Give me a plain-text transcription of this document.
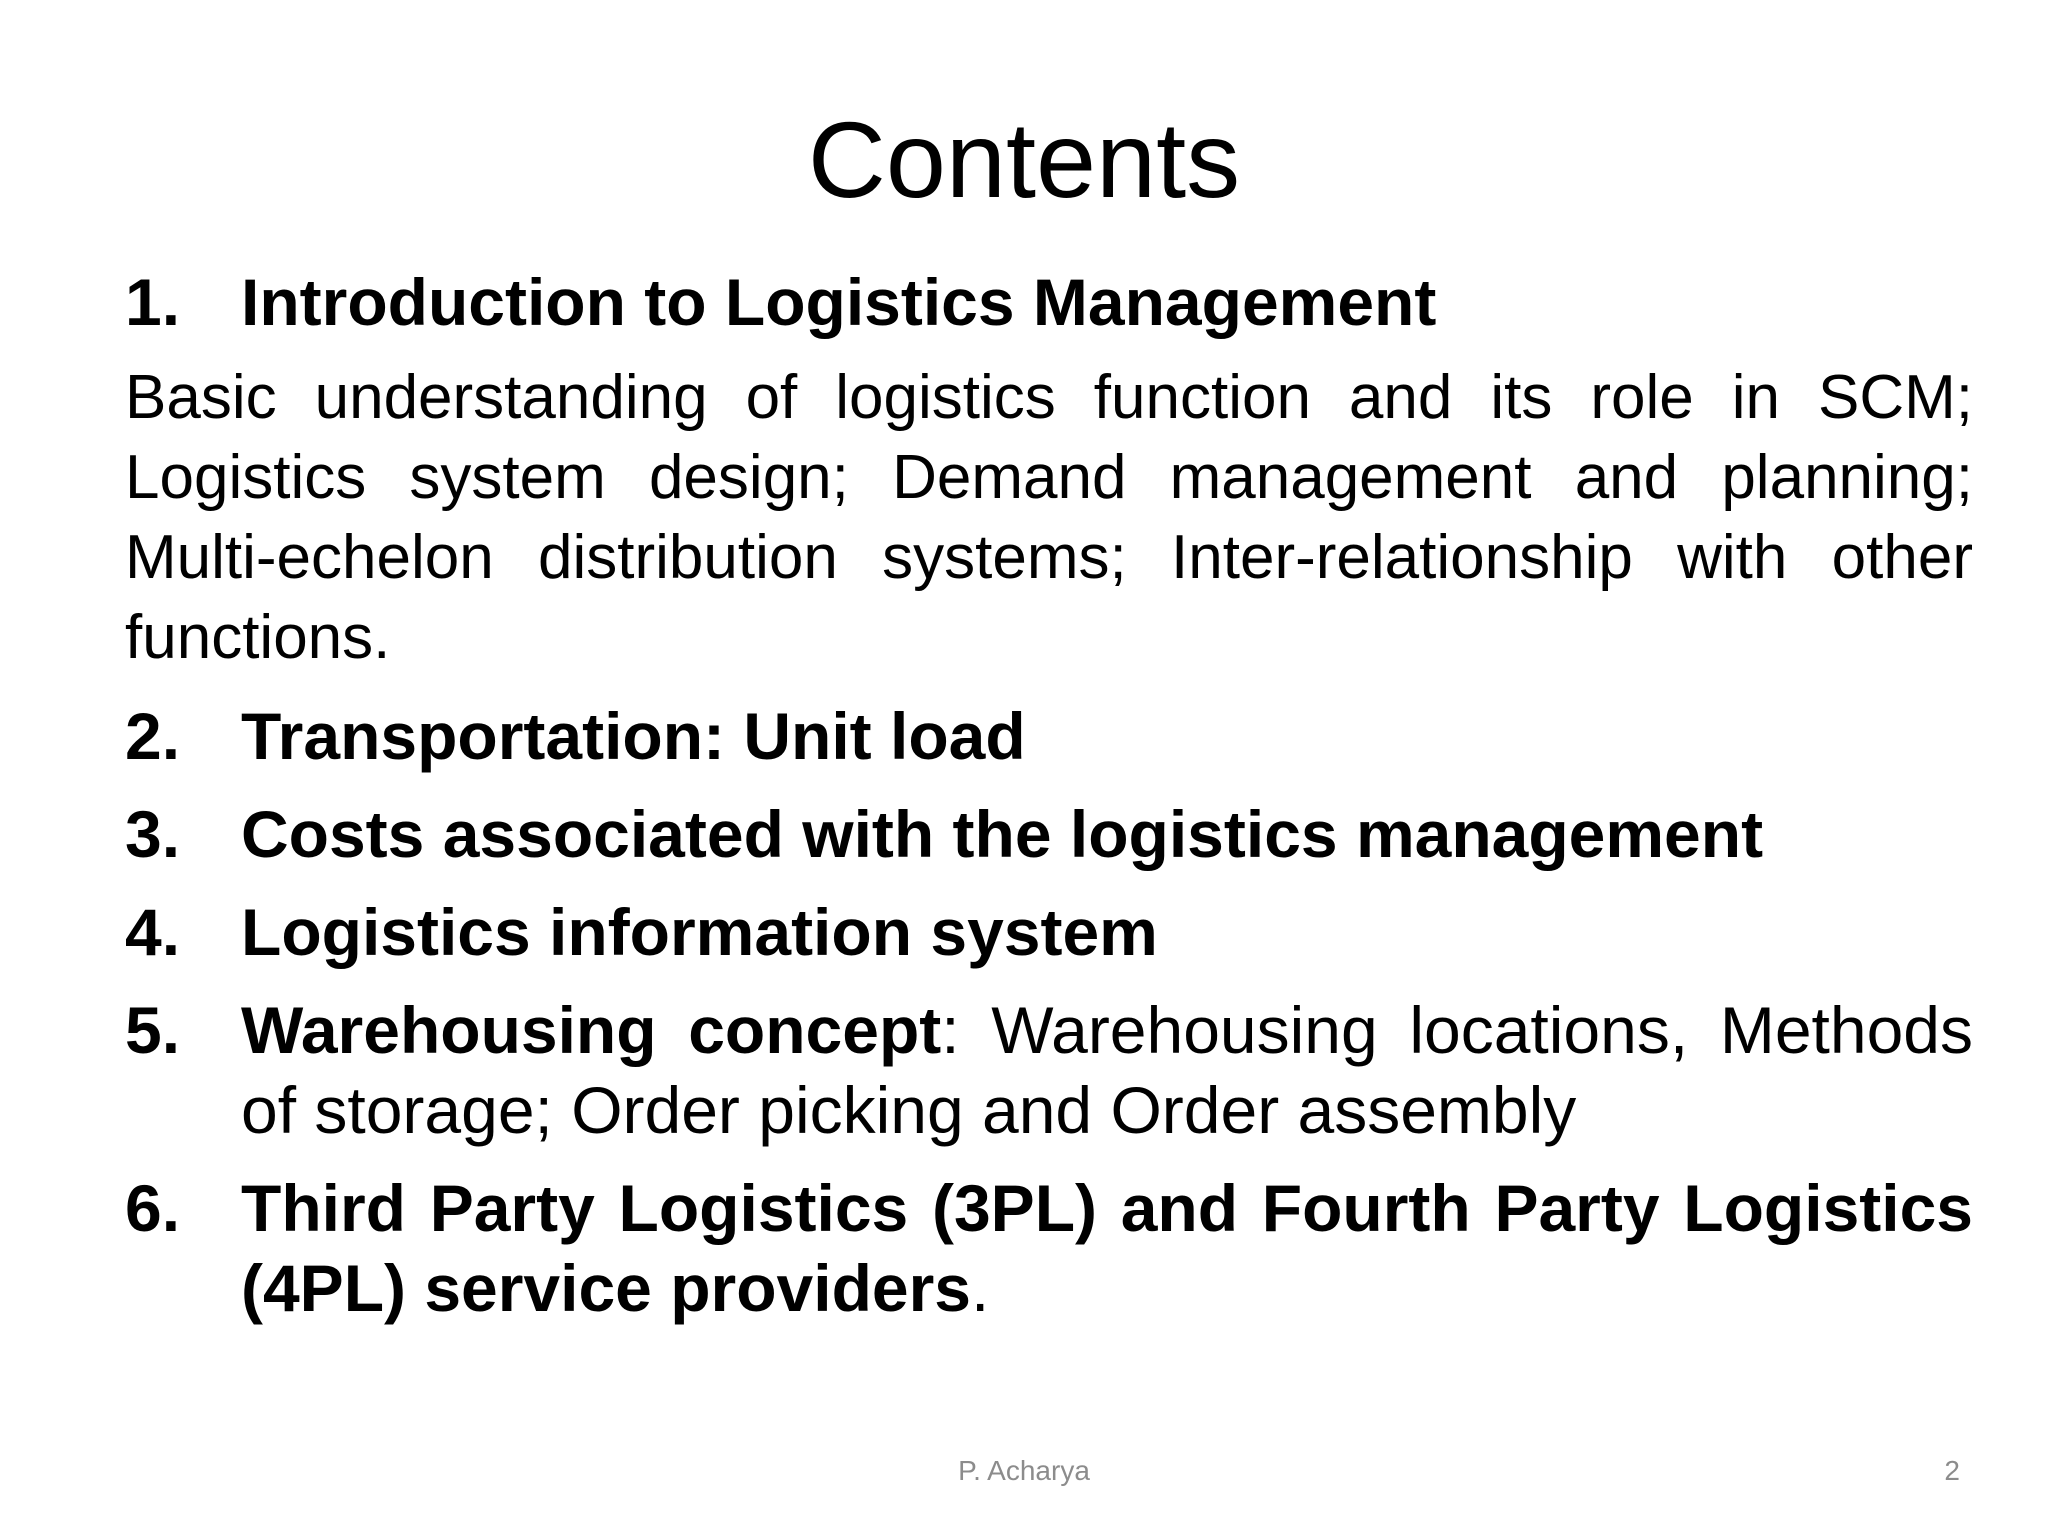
Contents
1. Introduction to Logistics Management
Basic understanding of logistics function and its role in SCM; Logistics system design; Demand management and planning; Multi-echelon distribution systems; Inter-relationship with other functions.
2. Transportation: Unit load
3. Costs associated with the logistics management
4. Logistics information system
5. Warehousing concept: Warehousing locations, Methods of storage; Order picking and Order assembly
6. Third Party Logistics (3PL) and Fourth Party Logistics (4PL) service providers.
P. Acharya	2
